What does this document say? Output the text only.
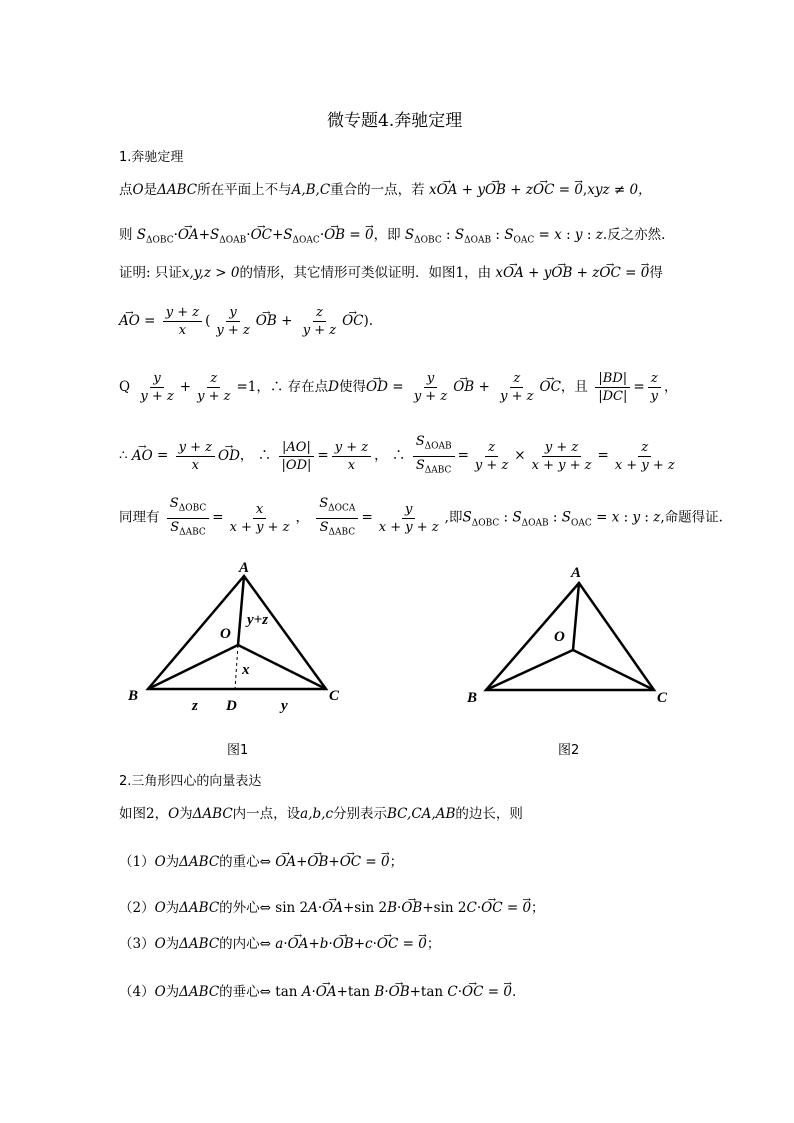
微专题4.奔驰定理
1.奔驰定理
点O是ΔABC所在平面上不与A,B,C重合的一点，若 x→ OA + y→ OB + z→ OC = → 0,xyz ≠ 0，
则 $S_{\Delta OBC}\cdot\to OA+S_{\Delta OAB}\cdot\to OC+S_{\Delta OAC}\cdot\to$ OB = → 0，即 $S_{\Delta OBC}$ : $S_{\Delta OAB}$ : $S_{OAC} = x$ : y : z.反之亦然.
证明: 只证x,y,z > 0的情形，其它情形可类似证明．如图1，由 x→ OA + y→ OB + z→ OC = → 0得
→ AO = $\frac{y + z}{x}$ ( $\frac{y}{y + z}$
→ OB + $\frac{z}{y + z}$
→ OC).
Q $\frac{y}{y + z} + \frac{z}{y + z} =1$，∴ 存在点D使得→ OD = $\frac{y}{y + z}$
→ OB + $\frac{z}{y + z}$
→ OC，且 $\frac{|BD|}{|DC|} = \frac{z}{y}$ ，
∴ → AO = $\frac{y + z}{x}$
→ OD， ∴ $\frac{|AO|}{|OD|} = \frac{y + z}{x}$ ， ∴ $\frac{S_{\Delta OAB}}{S_{\Delta ABC}} = \frac{z}{y + z} \times \frac{y + z}{x + y + z} = \frac{z}{x + y + z}$
同理有 $\frac{S_{\Delta OBC}}{S_{\Delta ABC}} = \frac{x}{x + y + z}$ ， $\frac{S_{\Delta OCA}}{S_{\Delta ABC}} = \frac{y}{x + y + z}$ ,即$S_{\Delta OBC}$ : $S_{\Delta OAB}$ : $S_{OAC} = x$ : y : z,命题得证.
A
B	C
O
D
y+z
x
z	y
图1
A
B	C
O
图2
2.三角形四心的向量表达
如图2，O为ΔABC内一点，设a,b,c分别表示BC,CA,AB的边长，则
（1）O为ΔABC的重心⇔ → OA+→ OB+→ OC = → 0；
（2）O为ΔABC的外心⇔ sin 2A·→ OA+sin 2B·→ OB+sin 2C·→ OC = → 0；
（3）O为ΔABC的内心⇔ a·→ OA+b·→ OB+c·→ OC = → 0；
（4）O为ΔABC的垂心⇔ tan A·→ OA+tan B·→ OB+tan C·→ OC = → 0.
